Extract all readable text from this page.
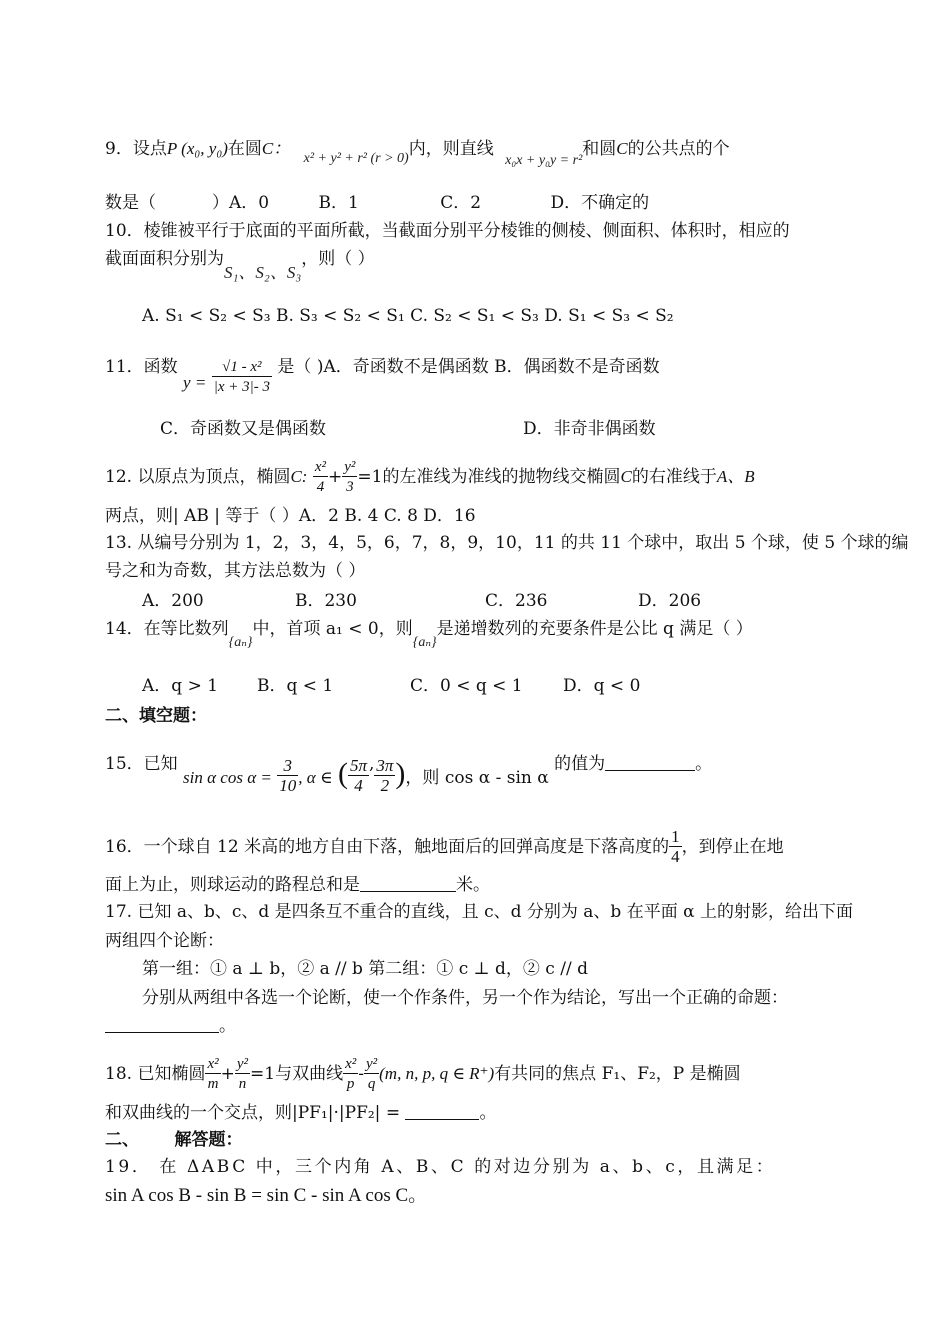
9．设点P (x₀, y₀)在圆C： $_{x^2 + y^2 + r^2 (r > 0)}$内，则直线 $_{x_0x + y_0y = r^2}$和圆C的公共点的个
数是（	）A．0	B．1	C．2	D．不确定的
10．棱锥被平行于底面的平面所截，当截面分别平分棱锥的侧棱、侧面积、体积时，相应的
截面面积分别为S₁、S₂、S₃，则（ ）
A. S₁ < S₂ < S₃ B. S₃ < S₂ < S₁ C. S₂ < S₁ < S₃ D. S₁ < S₃ < S₂
11．函数 $y = \frac{\text{√1 - x²}}{|x + 3|- 3}$ 是（ )A．奇函数不是偶函数 B．偶函数不是奇函数
C．奇函数又是偶函数	D．非奇非偶函数
12. 以原点为顶点，椭圆C: $\frac{\text{x²}}{4} + \frac{\text{y²}}{3} =1$的左准线为准线的抛物线交椭圆C的右准线于A、B
两点，则| AB | 等于（ ）A．2 B. 4 C. 8 D．16
13. 从编号分别为 1，2，3，4，5，6，7，8，9，10，11 的共 11 个球中，取出 5 个球，使 5 个球的编
号之和为奇数，其方法总数为（ ）
A．200	B．230	C．236	D．206
14．在等比数列$_{\{a_n\}}$中，首项 a₁ < 0，则$_{\{a_n\}}$是递增数列的充要条件是公比 q 满足（ ）
A．q > 1 B．q < 1	C．0 < q < 1 D．q < 0
二、填空题：
15．已知 sin α $\cos \alpha = \frac{3}{10}$ , α ∈ ( $\frac{5\pi}{4}$ , $\frac{3\pi}{2}$ )，则 cos α - sin α 的值为	。
16．一个球自 12 米高的地方自由下落，触地面后的回弹高度是下落高度的 $\frac{1}{4}$ ，到停止在地
面上为止，则球运动的路程总和是	米。
17. 已知 a、b、c、d 是四条互不重合的直线，且 c、d 分别为 a、b 在平面 α 上的射影，给出下面
两组四个论断：
第一组：① a ⊥ b，② a // b 第二组：① c ⊥ d，② c // d
分别从两组中各选一个论断，使一个作条件，另一个作为结论，写出一个正确的命题：
。
18. 已知椭圆 $\frac{\text{x²}}{m} + \frac{\text{y²}}{n} =1$与双曲线 $\frac{\text{x²}}{p} - \frac{\text{y²}}{q} (m$, n, p, q ∈ R⁺)有共同的焦点 F₁、F₂，P 是椭圆
和双曲线的一个交点，则|PF₁|·|PF₂| =	。
二、      解答题：
19． 在 ΔABC 中，三个内角 A、B、C 的对边分别为 a、b、c，且满足：
sin A cos B - sin B = sin C - sin A cos C。
